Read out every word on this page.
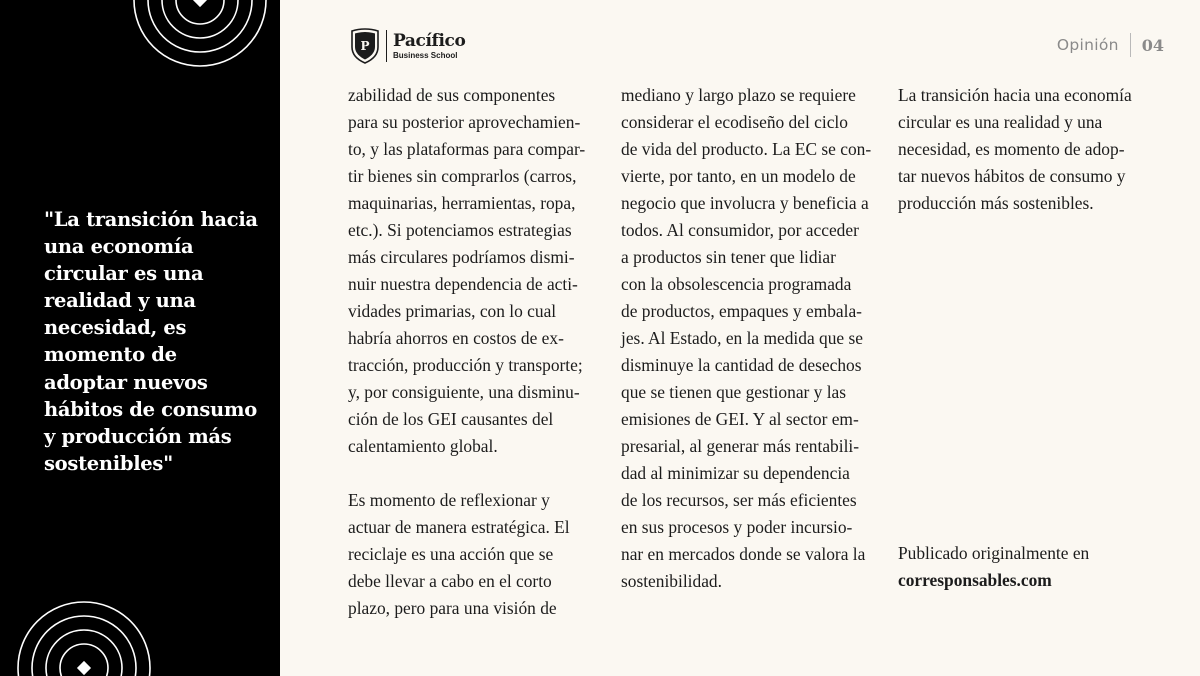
"La transición hacia
una economía
circular es una
realidad y una
necesidad, es
momento de
adoptar nuevos
hábitos de consumo
y producción más
sostenibles"
P Pacífico
Business School
Opinión 04
zabilidad de sus componentes
para su posterior aprovechamien-
to, y las plataformas para compar-
tir bienes sin comprarlos (carros,
maquinarias, herramientas, ropa,
etc.). Si potenciamos estrategias
más circulares podríamos dismi-
nuir nuestra dependencia de acti-
vidades primarias, con lo cual
habría ahorros en costos de ex-
tracción, producción y transporte;
y, por consiguiente, una disminu-
ción de los GEI causantes del
calentamiento global.
Es momento de reflexionar y
actuar de manera estratégica. El
reciclaje es una acción que se
debe llevar a cabo en el corto
plazo, pero para una visión de
mediano y largo plazo se requiere
considerar el ecodiseño del ciclo
de vida del producto. La EC se con-
vierte, por tanto, en un modelo de
negocio que involucra y beneficia a
todos. Al consumidor, por acceder
a productos sin tener que lidiar
con la obsolescencia programada
de productos, empaques y embala-
jes. Al Estado, en la medida que se
disminuye la cantidad de desechos
que se tienen que gestionar y las
emisiones de GEI. Y al sector em-
presarial, al generar más rentabili-
dad al minimizar su dependencia
de los recursos, ser más eficientes
en sus procesos y poder incursio-
nar en mercados donde se valora la
sostenibilidad.
La transición hacia una economía
circular es una realidad y una
necesidad, es momento de adop-
tar nuevos hábitos de consumo y
producción más sostenibles.
Publicado originalmente en
corresponsables.com
